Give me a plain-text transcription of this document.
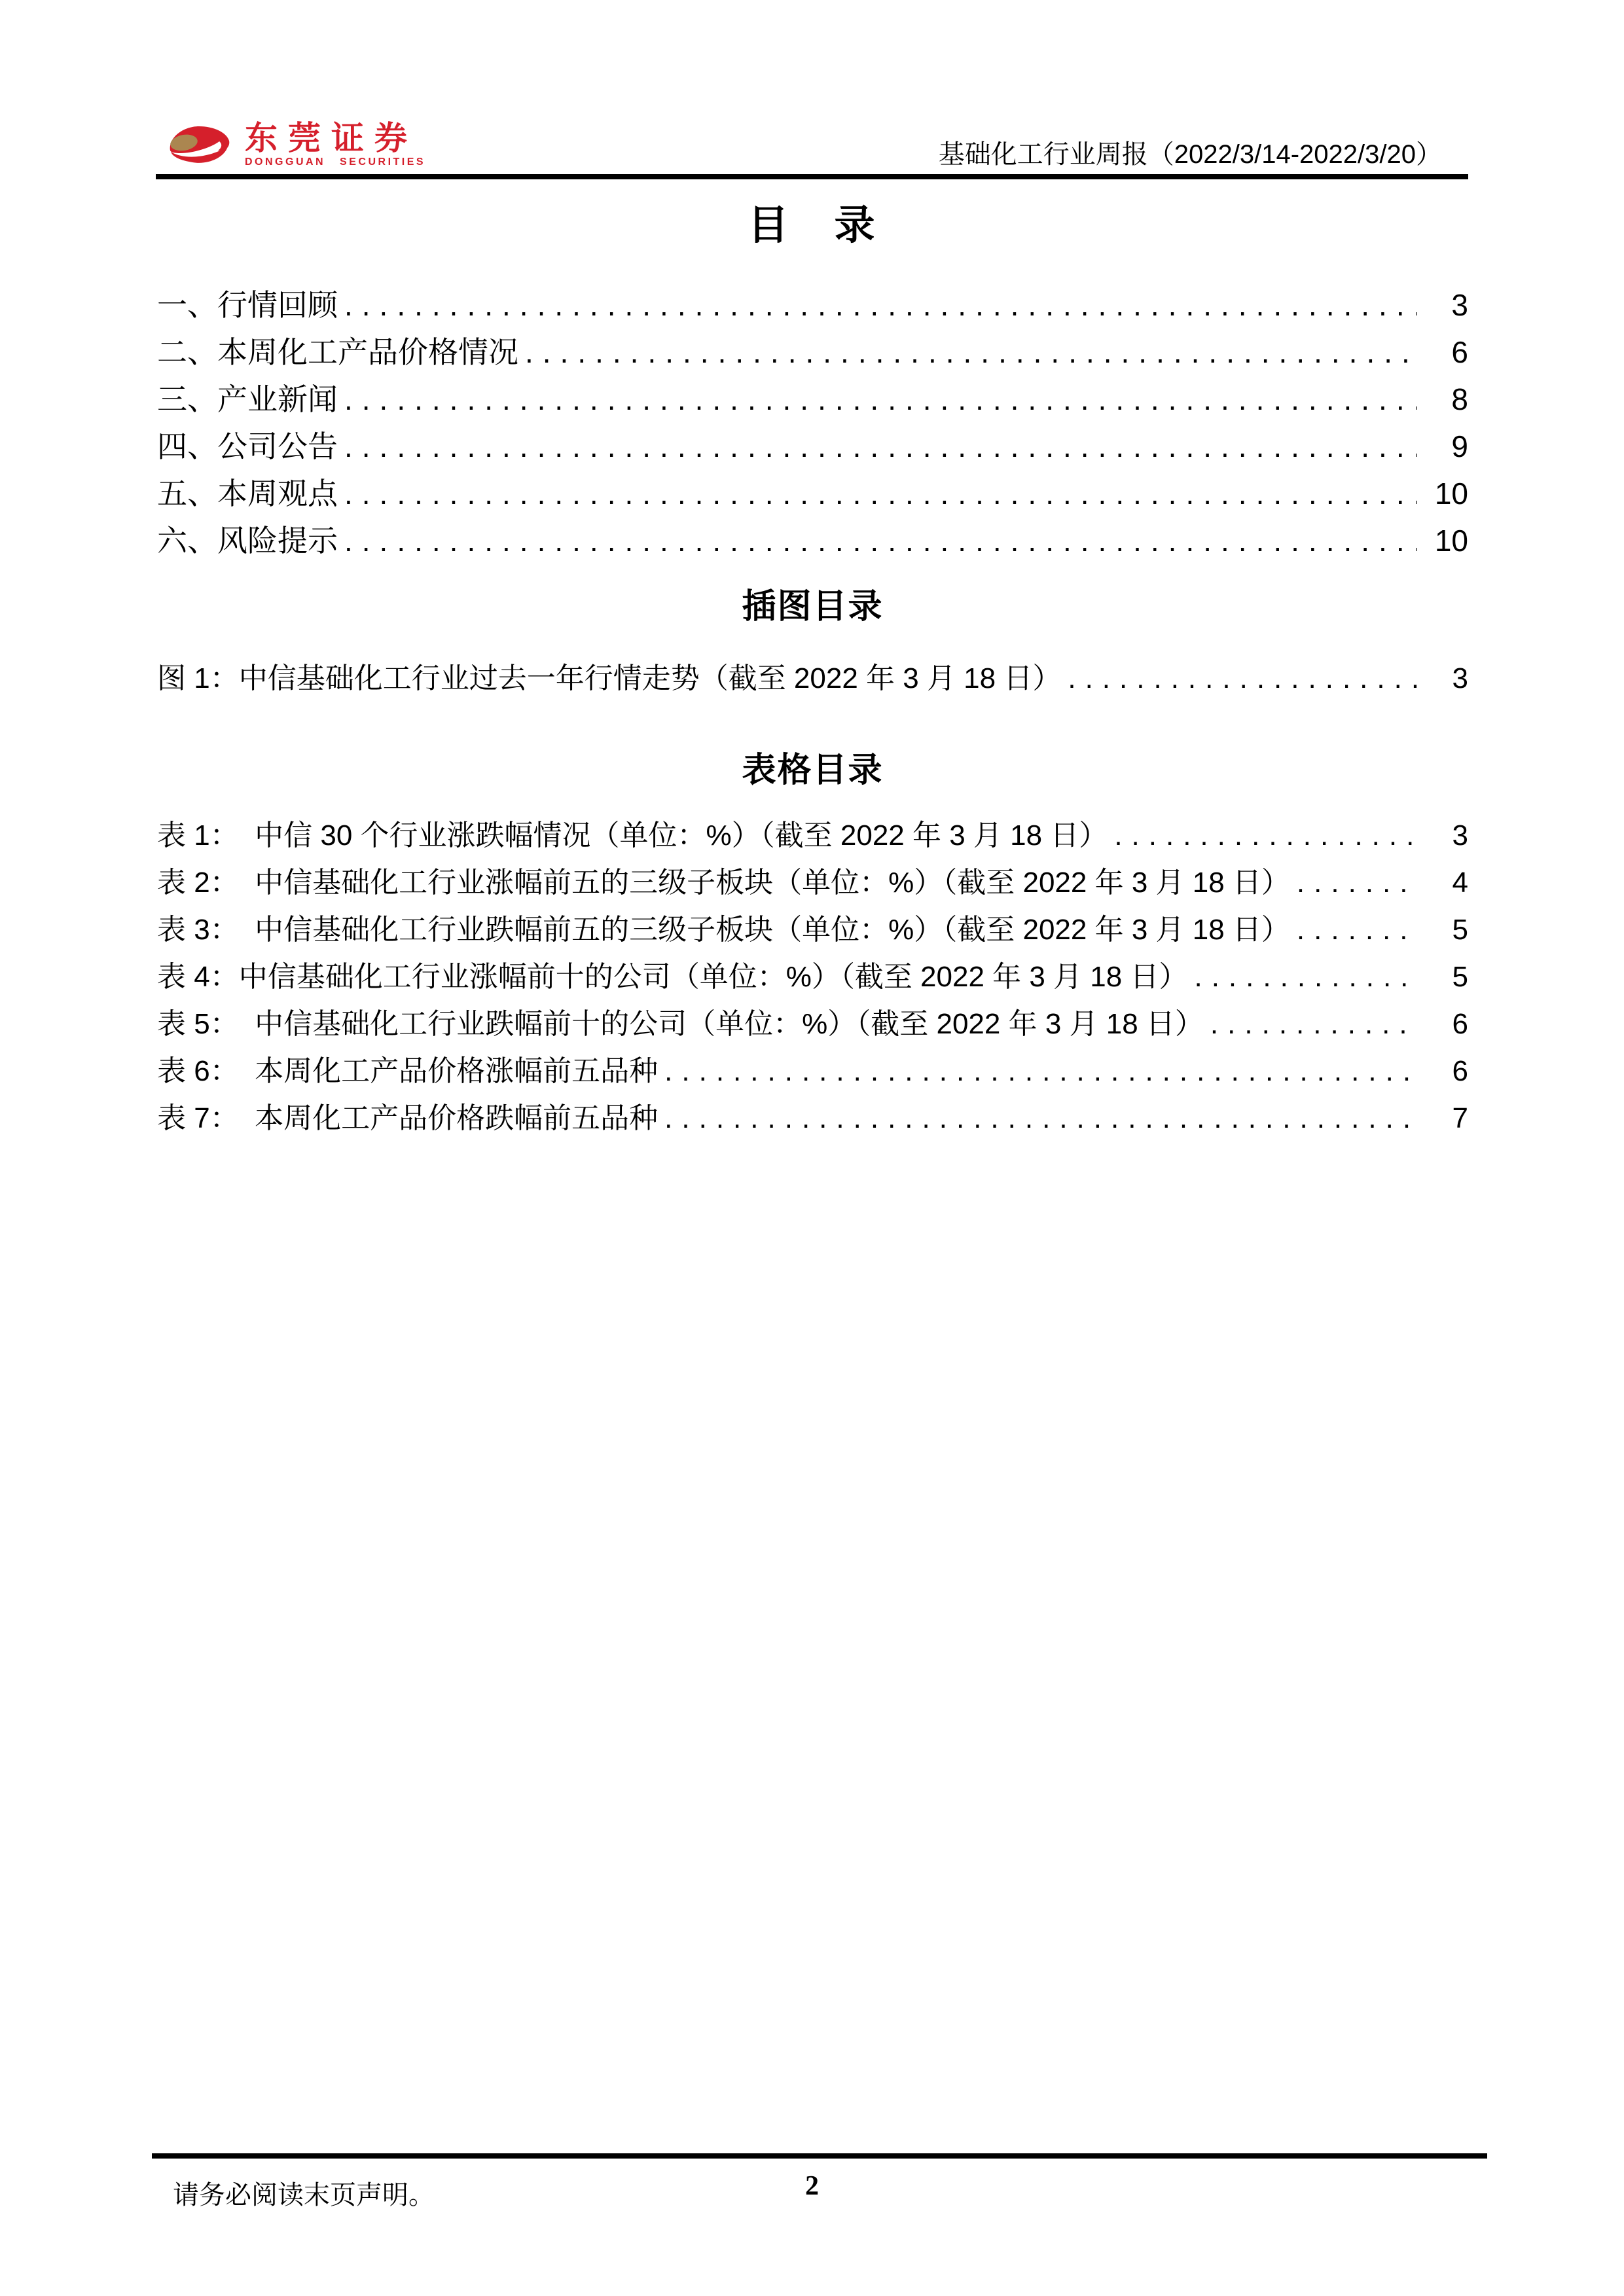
东莞证券
DONGGUAN SECURITIES	基础化工行业周报（2022/3/14-2022/3/20）
目　录
一、行情回顾 .....	3
二、本周化工产品价格情况 .....	6
三、产业新闻 .....	8
四、公司公告 .....	9
五、本周观点 .....	10
六、风险提示 .....	10
插图目录
图 1：中信基础化工行业过去一年行情走势（截至 2022 年 3 月 18 日） .....	3
表格目录
表 1：  中信 30 个行业涨跌幅情况（单位：%）（截至 2022 年 3 月 18 日） .....	3
表 2：  中信基础化工行业涨幅前五的三级子板块（单位：%）（截至 2022 年 3 月 18 日） .....	4
表 3：  中信基础化工行业跌幅前五的三级子板块（单位：%）（截至 2022 年 3 月 18 日） .....	5
表 4：中信基础化工行业涨幅前十的公司（单位：%）（截至 2022 年 3 月 18 日） .....	5
表 5：  中信基础化工行业跌幅前十的公司（单位：%）（截至 2022 年 3 月 18 日） .....	6
表 6：  本周化工产品价格涨幅前五品种 .....	6
表 7：  本周化工产品价格跌幅前五品种 .....	7
请务必阅读末页声明。	2
